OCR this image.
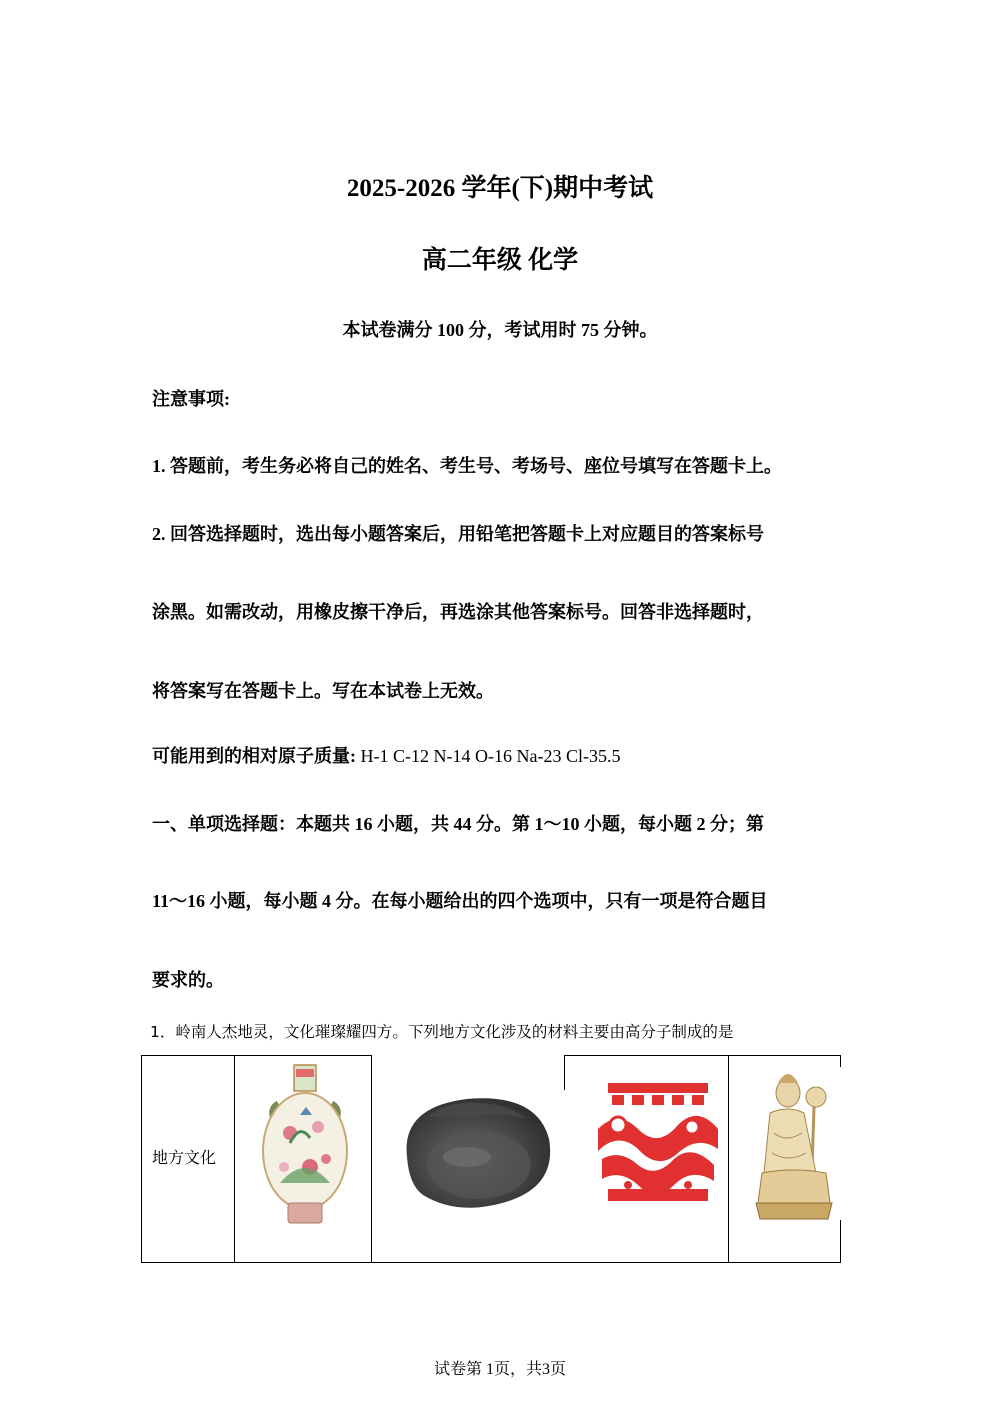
2025-2026 学年(下)期中考试
高二年级 化学
本试卷满分 100 分，考试用时 75 分钟。
注意事项:
1. 答题前，考生务必将自己的姓名、考生号、考场号、座位号填写在答题卡上。
2. 回答选择题时，选出每小题答案后，用铅笔把答题卡上对应题目的答案标号
涂黑。如需改动，用橡皮擦干净后，再选涂其他答案标号。回答非选择题时，
将答案写在答题卡上。写在本试卷上无效。
可能用到的相对原子质量: H-1 C-12 N-14 O-16 Na-23 Cl-35.5
一、单项选择题：本题共 16 小题，共 44 分。第 1～10 小题，每小题 2 分；第
11～16 小题，每小题 4 分。在每小题给出的四个选项中，只有一项是符合题目
要求的。
1．岭南人杰地灵，文化璀璨耀四方。下列地方文化涉及的材料主要由高分子制成的是
地方文化
试卷第 1页，共3页
